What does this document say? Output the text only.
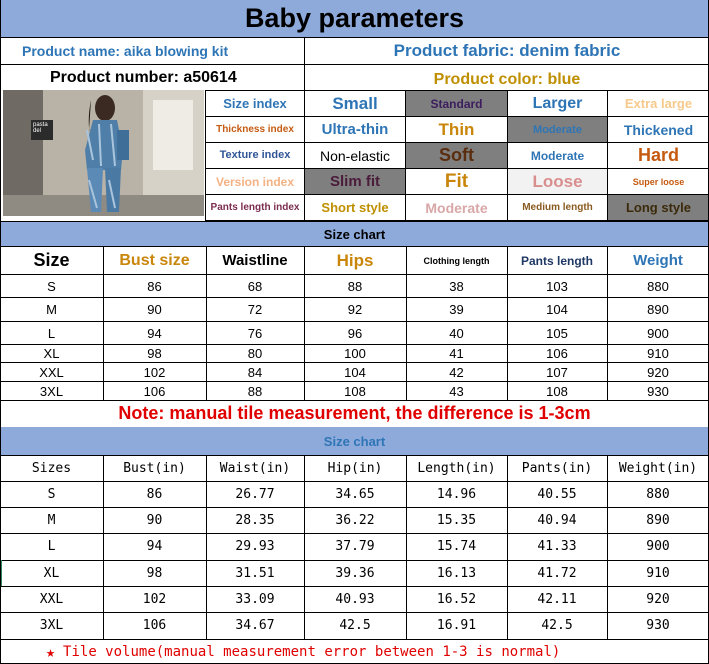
Baby parameters
Product name: aika blowing kit	Product fabric: denim fabric
Product number: a50614	Product color: blue
pasta
del
Size index	Small	Standard	Larger	Extra large
Thickness index	Ultra-thin	Thin	Moderate	Thickened
Texture index	Non-elastic	Soft	Moderate	Hard
Version index	Slim fit	Fit	Loose	Super loose
Pants length index	Short style	Moderate	Medium length	Long style
Size chart
Size	Bust size	Waistline	Hips	Clothing length	Pants length	Weight
S	86	68	88	38	103	880
M	90	72	92	39	104	890
L	94	76	96	40	105	900
XL	98	80	100	41	106	910
XXL	102	84	104	42	107	920
3XL	106	88	108	43	108	930
Note: manual tile measurement, the difference is 1-3cm
Size chart
Sizes	Bust(in)	Waist(in)	Hip(in)	Length(in)	Pants(in)	Weight(in)
S	86	26.77	34.65	14.96	40.55	880
M	90	28.35	36.22	15.35	40.94	890
L	94	29.93	37.79	15.74	41.33	900
XL	98	31.51	39.36	16.13	41.72	910
XXL	102	33.09	40.93	16.52	42.11	920
3XL	106	34.67	42.5	16.91	42.5	930
★ Tile volume(manual measurement error between 1-3 is normal)
